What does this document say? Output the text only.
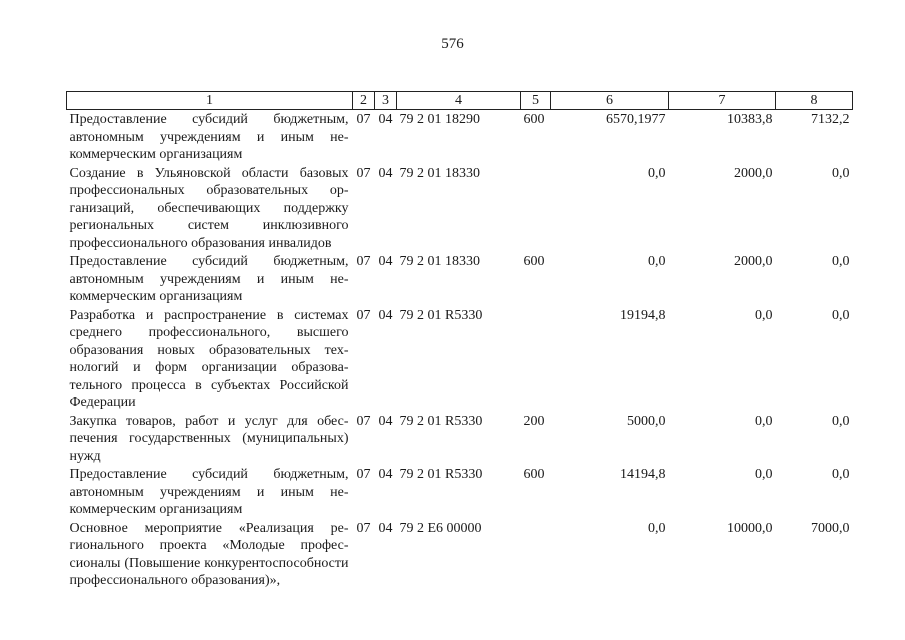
576
1	2	3	4	5	6	7	8
Предоставление субсидий бюджетным, автономным учреждениям и иным некоммерческим организациям	07	04	79 2 01 18290	600	6570,1977	10383,8	7132,2
Создание в Ульяновской области базовых профессиональных образовательных организаций, обеспечивающих поддержку региональных систем инклюзивного профессионального образования инвалидов	07	04	79 2 01 18330		0,0	2000,0	0,0
Предоставление субсидий бюджетным, автономным учреждениям и иным некоммерческим организациям	07	04	79 2 01 18330	600	0,0	2000,0	0,0
Разработка и распространение в системах среднего профессионального, высшего образования новых образовательных технологий и форм организации образовательного процесса в субъектах Российской Федерации	07	04	79 2 01 R5330		19194,8	0,0	0,0
Закупка товаров, работ и услуг для обеспечения государственных (муниципальных) нужд	07	04	79 2 01 R5330	200	5000,0	0,0	0,0
Предоставление субсидий бюджетным, автономным учреждениям и иным некоммерческим организациям	07	04	79 2 01 R5330	600	14194,8	0,0	0,0
Основное мероприятие «Реализация регионального проекта «Молодые профессионалы (Повышение конкурентоспособности профессионального образования)»,	07	04	79 2 E6 00000		0,0	10000,0	7000,0
